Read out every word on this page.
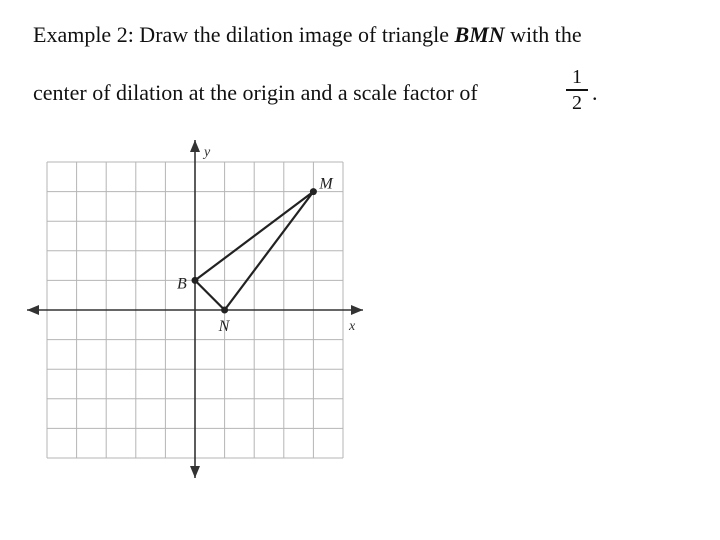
Example 2: Draw the dilation image of triangle BMN with the
center of dilation at the origin and a scale factor of
1
2 .
B
M
N	x
y
